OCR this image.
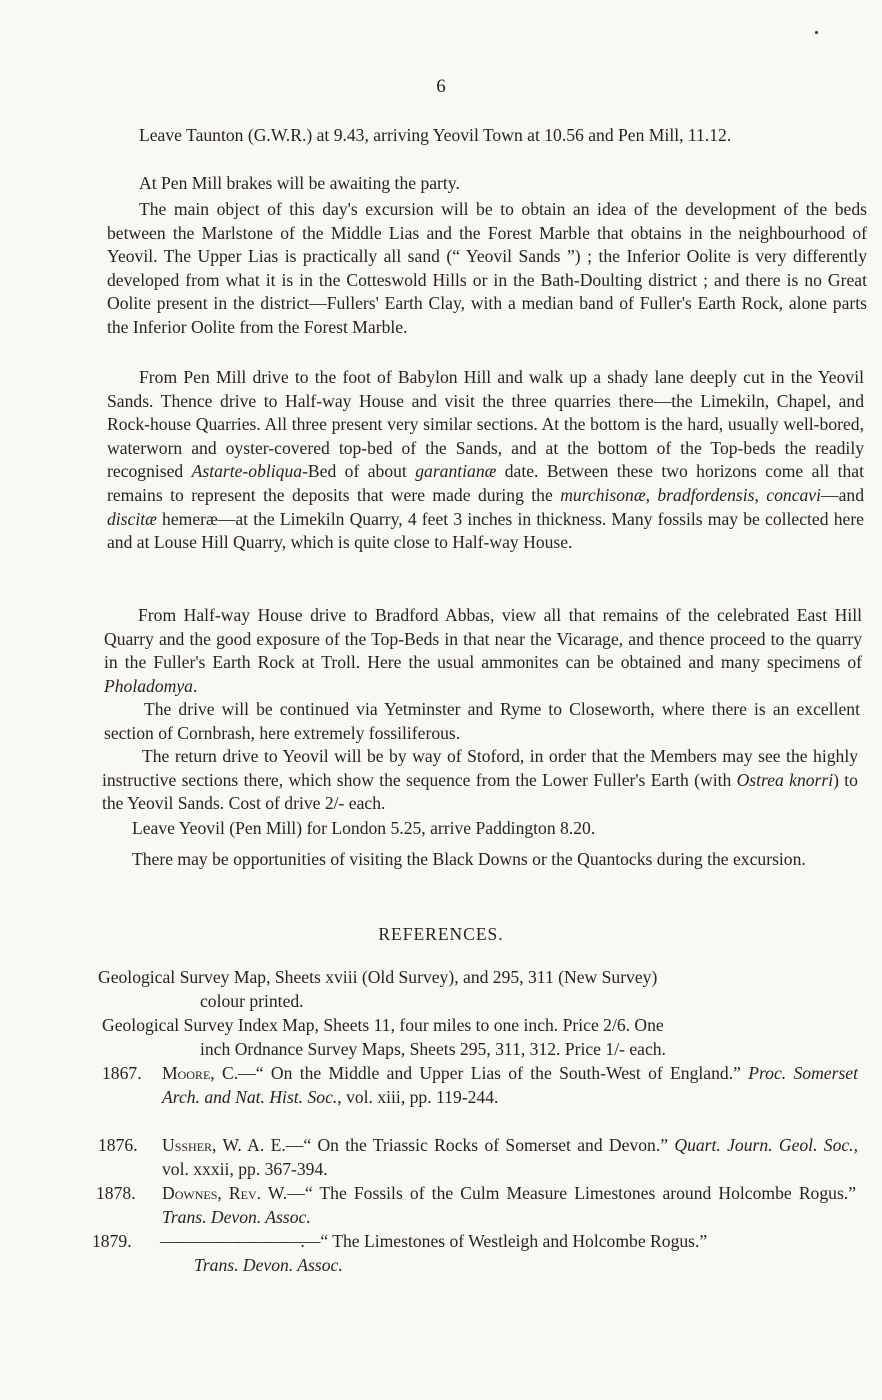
6

Leave Taunton (G.W.R.) at 9.43, arriving Yeovil Town at 10.56 and Pen Mill, 11.12.

At Pen Mill brakes will be awaiting the party.

The main object of this day's excursion will be to obtain an idea of the development of the beds between the Marlstone of the Middle Lias and the Forest Marble that obtains in the neighbourhood of Yeovil. The Upper Lias is practically all sand (“ Yeovil Sands ”) ; the Inferior Oolite is very differently developed from what it is in the Cotteswold Hills or in the Bath-Doulting district ; and there is no Great Oolite present in the district—Fullers' Earth Clay, with a median band of Fuller's Earth Rock, alone parts the Inferior Oolite from the Forest Marble.

From Pen Mill drive to the foot of Babylon Hill and walk up a shady lane deeply cut in the Yeovil Sands. Thence drive to Half-way House and visit the three quarries there—the Limekiln, Chapel, and Rock-house Quarries. All three present very similar sections. At the bottom is the hard, usually well-bored, waterworn and oyster-covered top-bed of the Sands, and at the bottom of the Top-beds the readily recognised Astarte-obliqua-Bed of about garantianæ date. Between these two horizons come all that remains to represent the deposits that were made during the murchisonæ, bradfordensis, concavi—and discitæ hemeræ—at the Limekiln Quarry, 4 feet 3 inches in thickness. Many fossils may be collected here and at Louse Hill Quarry, which is quite close to Half-way House.

From Half-way House drive to Bradford Abbas, view all that remains of the celebrated East Hill Quarry and the good exposure of the Top-Beds in that near the Vicarage, and thence proceed to the quarry in the Fuller's Earth Rock at Troll. Here the usual ammonites can be obtained and many specimens of Pholadomya.

The drive will be continued via Yetminster and Ryme to Closeworth, where there is an excellent section of Cornbrash, here extremely fossiliferous.

The return drive to Yeovil will be by way of Stoford, in order that the Members may see the highly instructive sections there, which show the sequence from the Lower Fuller's Earth (with Ostrea knorri) to the Yeovil Sands. Cost of drive 2/- each.

Leave Yeovil (Pen Mill) for London 5.25, arrive Paddington 8.20.

There may be opportunities of visiting the Black Downs or the Quantocks during the excursion.

REFERENCES.
Geological Survey Map, Sheets xviii (Old Survey), and 295, 311 (New Survey)
colour printed.
Geological Survey Index Map, Sheets 11, four miles to one inch. Price 2/6. One
inch Ordnance Survey Maps, Sheets 295, 311, 312. Price 1/- each.
1867.	Moore, C.—“ On the Middle and Upper Lias of the South-West of England.” Proc. Somerset Arch. and Nat. Hist. Soc., vol. xiii, pp. 119-244.
1876.	Ussher, W. A. E.—“ On the Triassic Rocks of Somerset and Devon.” Quart. Journ. Geol. Soc., vol. xxxii, pp. 367-394.
1878.	Downes, Rev. W.—“ The Fossils of the Culm Measure Limestones around Holcombe Rogus.” Trans. Devon. Assoc.
1879. —————————.—“ The Limestones of Westleigh and Holcombe Rogus.”
Trans. Devon. Assoc.
